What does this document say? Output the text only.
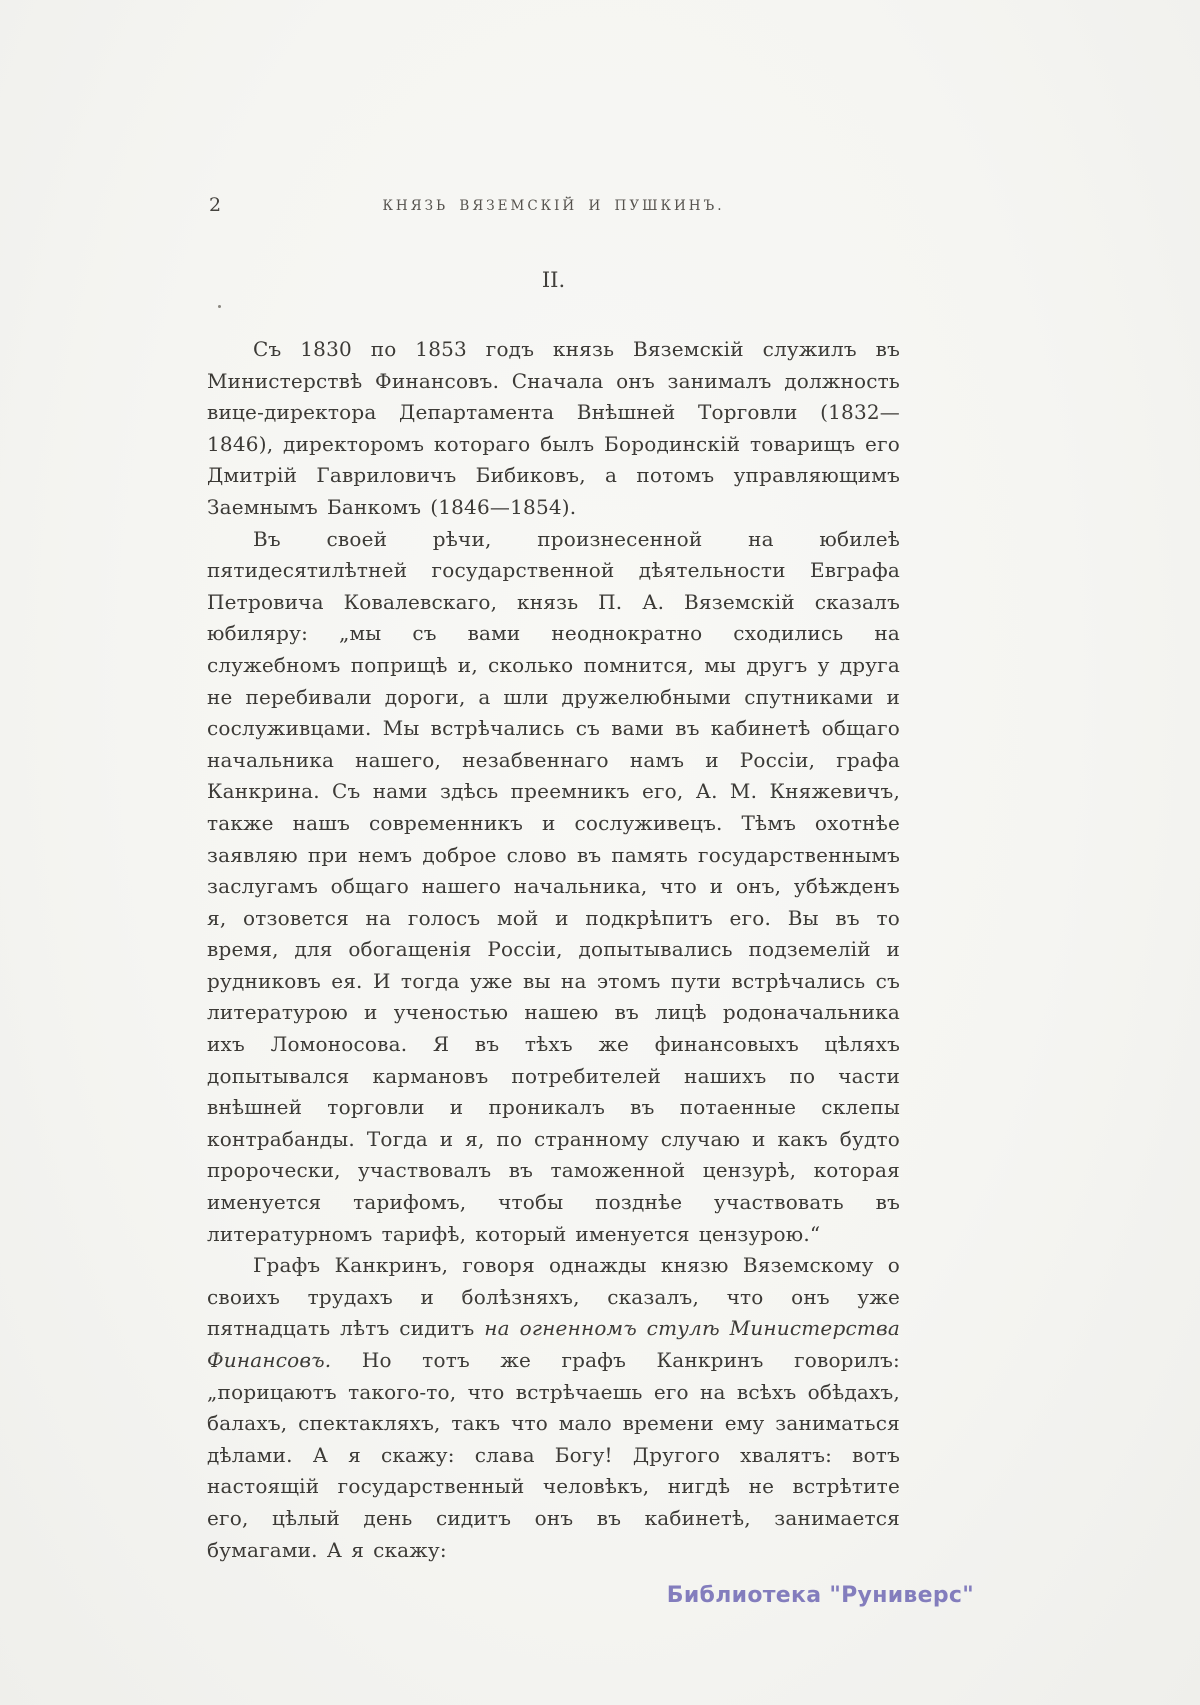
2	КНЯЗЬ ВЯЗЕМСКІЙ И ПУШКИНЪ.
II.

Съ 1830 по 1853 годъ князь Вяземскій служилъ въ Министерствѣ Финансовъ. Сначала онъ занималъ должность вице-директора Департамента Внѣшней Торговли (1832—1846), директоромъ котораго былъ Бородинскій товарищъ его Дмитрій Гавриловичъ Бибиковъ, а потомъ управляющимъ Заемнымъ Банкомъ (1846—1854).

Въ своей рѣчи, произнесенной на юбилеѣ пятидесятилѣтней государственной дѣятельности Евграфа Петровича Ковалевскаго, князь П. А. Вяземскій сказалъ юбиляру: „мы съ вами неоднократно сходились на служебномъ поприщѣ и, сколько помнится, мы другъ у друга не перебивали дороги, а шли дружелюбными спутниками и сослуживцами. Мы встрѣчались съ вами въ кабинетѣ общаго начальника нашего, незабвеннаго намъ и Россіи, графа Канкрина. Съ нами здѣсь преемникъ его, А. М. Княжевичъ, также нашъ современникъ и сослуживецъ. Тѣмъ охотнѣе заявляю при немъ доброе слово въ память государственнымъ заслугамъ общаго нашего начальника, что и онъ, убѣжденъ я, отзовется на голосъ мой и подкрѣпитъ его. Вы въ то время, для обогащенія Россіи, допытывались подземелій и рудниковъ ея. И тогда уже вы на этомъ пути встрѣчались съ литературою и ученостью нашею въ лицѣ родоначальника ихъ Ломоносова. Я въ тѣхъ же финансовыхъ цѣляхъ допытывался кармановъ потребителей нашихъ по части внѣшней торговли и проникалъ въ потаенные склепы контрабанды. Тогда и я, по странному случаю и какъ будто пророчески, участвовалъ въ таможенной цензурѣ, которая именуется тарифомъ, чтобы позднѣе участвовать въ литературномъ тарифѣ, который именуется цензурою.“

Графъ Канкринъ, говоря однажды князю Вяземскому о своихъ трудахъ и болѣзняхъ, сказалъ, что онъ уже пятнадцать лѣтъ сидитъ на огненномъ стулѣ Министерства Финансовъ. Но тотъ же графъ Канкринъ говорилъ: „порицаютъ такого-то, что встрѣчаешь его на всѣхъ обѣдахъ, балахъ, спектакляхъ, такъ что мало времени ему заниматься дѣлами. А я скажу: слава Богу! Другого хвалятъ: вотъ настоящій государственный человѣкъ, нигдѣ не встрѣтите его, цѣлый день сидитъ онъ въ кабинетѣ, занимается бумагами. А я скажу:

Библиотека "Руниверс"
